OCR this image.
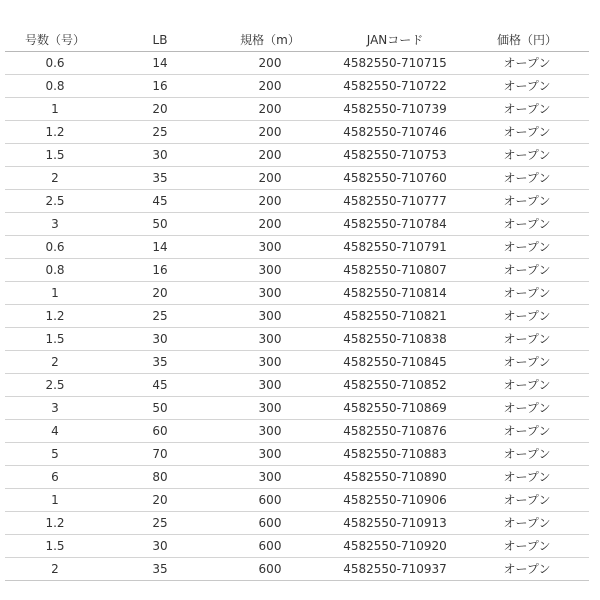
号数（号）	LB	規格（m）	JANコード	価格（円）
0.6	14	200	4582550-710715	オープン
0.8	16	200	4582550-710722	オープン
1	20	200	4582550-710739	オープン
1.2	25	200	4582550-710746	オープン
1.5	30	200	4582550-710753	オープン
2	35	200	4582550-710760	オープン
2.5	45	200	4582550-710777	オープン
3	50	200	4582550-710784	オープン
0.6	14	300	4582550-710791	オープン
0.8	16	300	4582550-710807	オープン
1	20	300	4582550-710814	オープン
1.2	25	300	4582550-710821	オープン
1.5	30	300	4582550-710838	オープン
2	35	300	4582550-710845	オープン
2.5	45	300	4582550-710852	オープン
3	50	300	4582550-710869	オープン
4	60	300	4582550-710876	オープン
5	70	300	4582550-710883	オープン
6	80	300	4582550-710890	オープン
1	20	600	4582550-710906	オープン
1.2	25	600	4582550-710913	オープン
1.5	30	600	4582550-710920	オープン
2	35	600	4582550-710937	オープン
